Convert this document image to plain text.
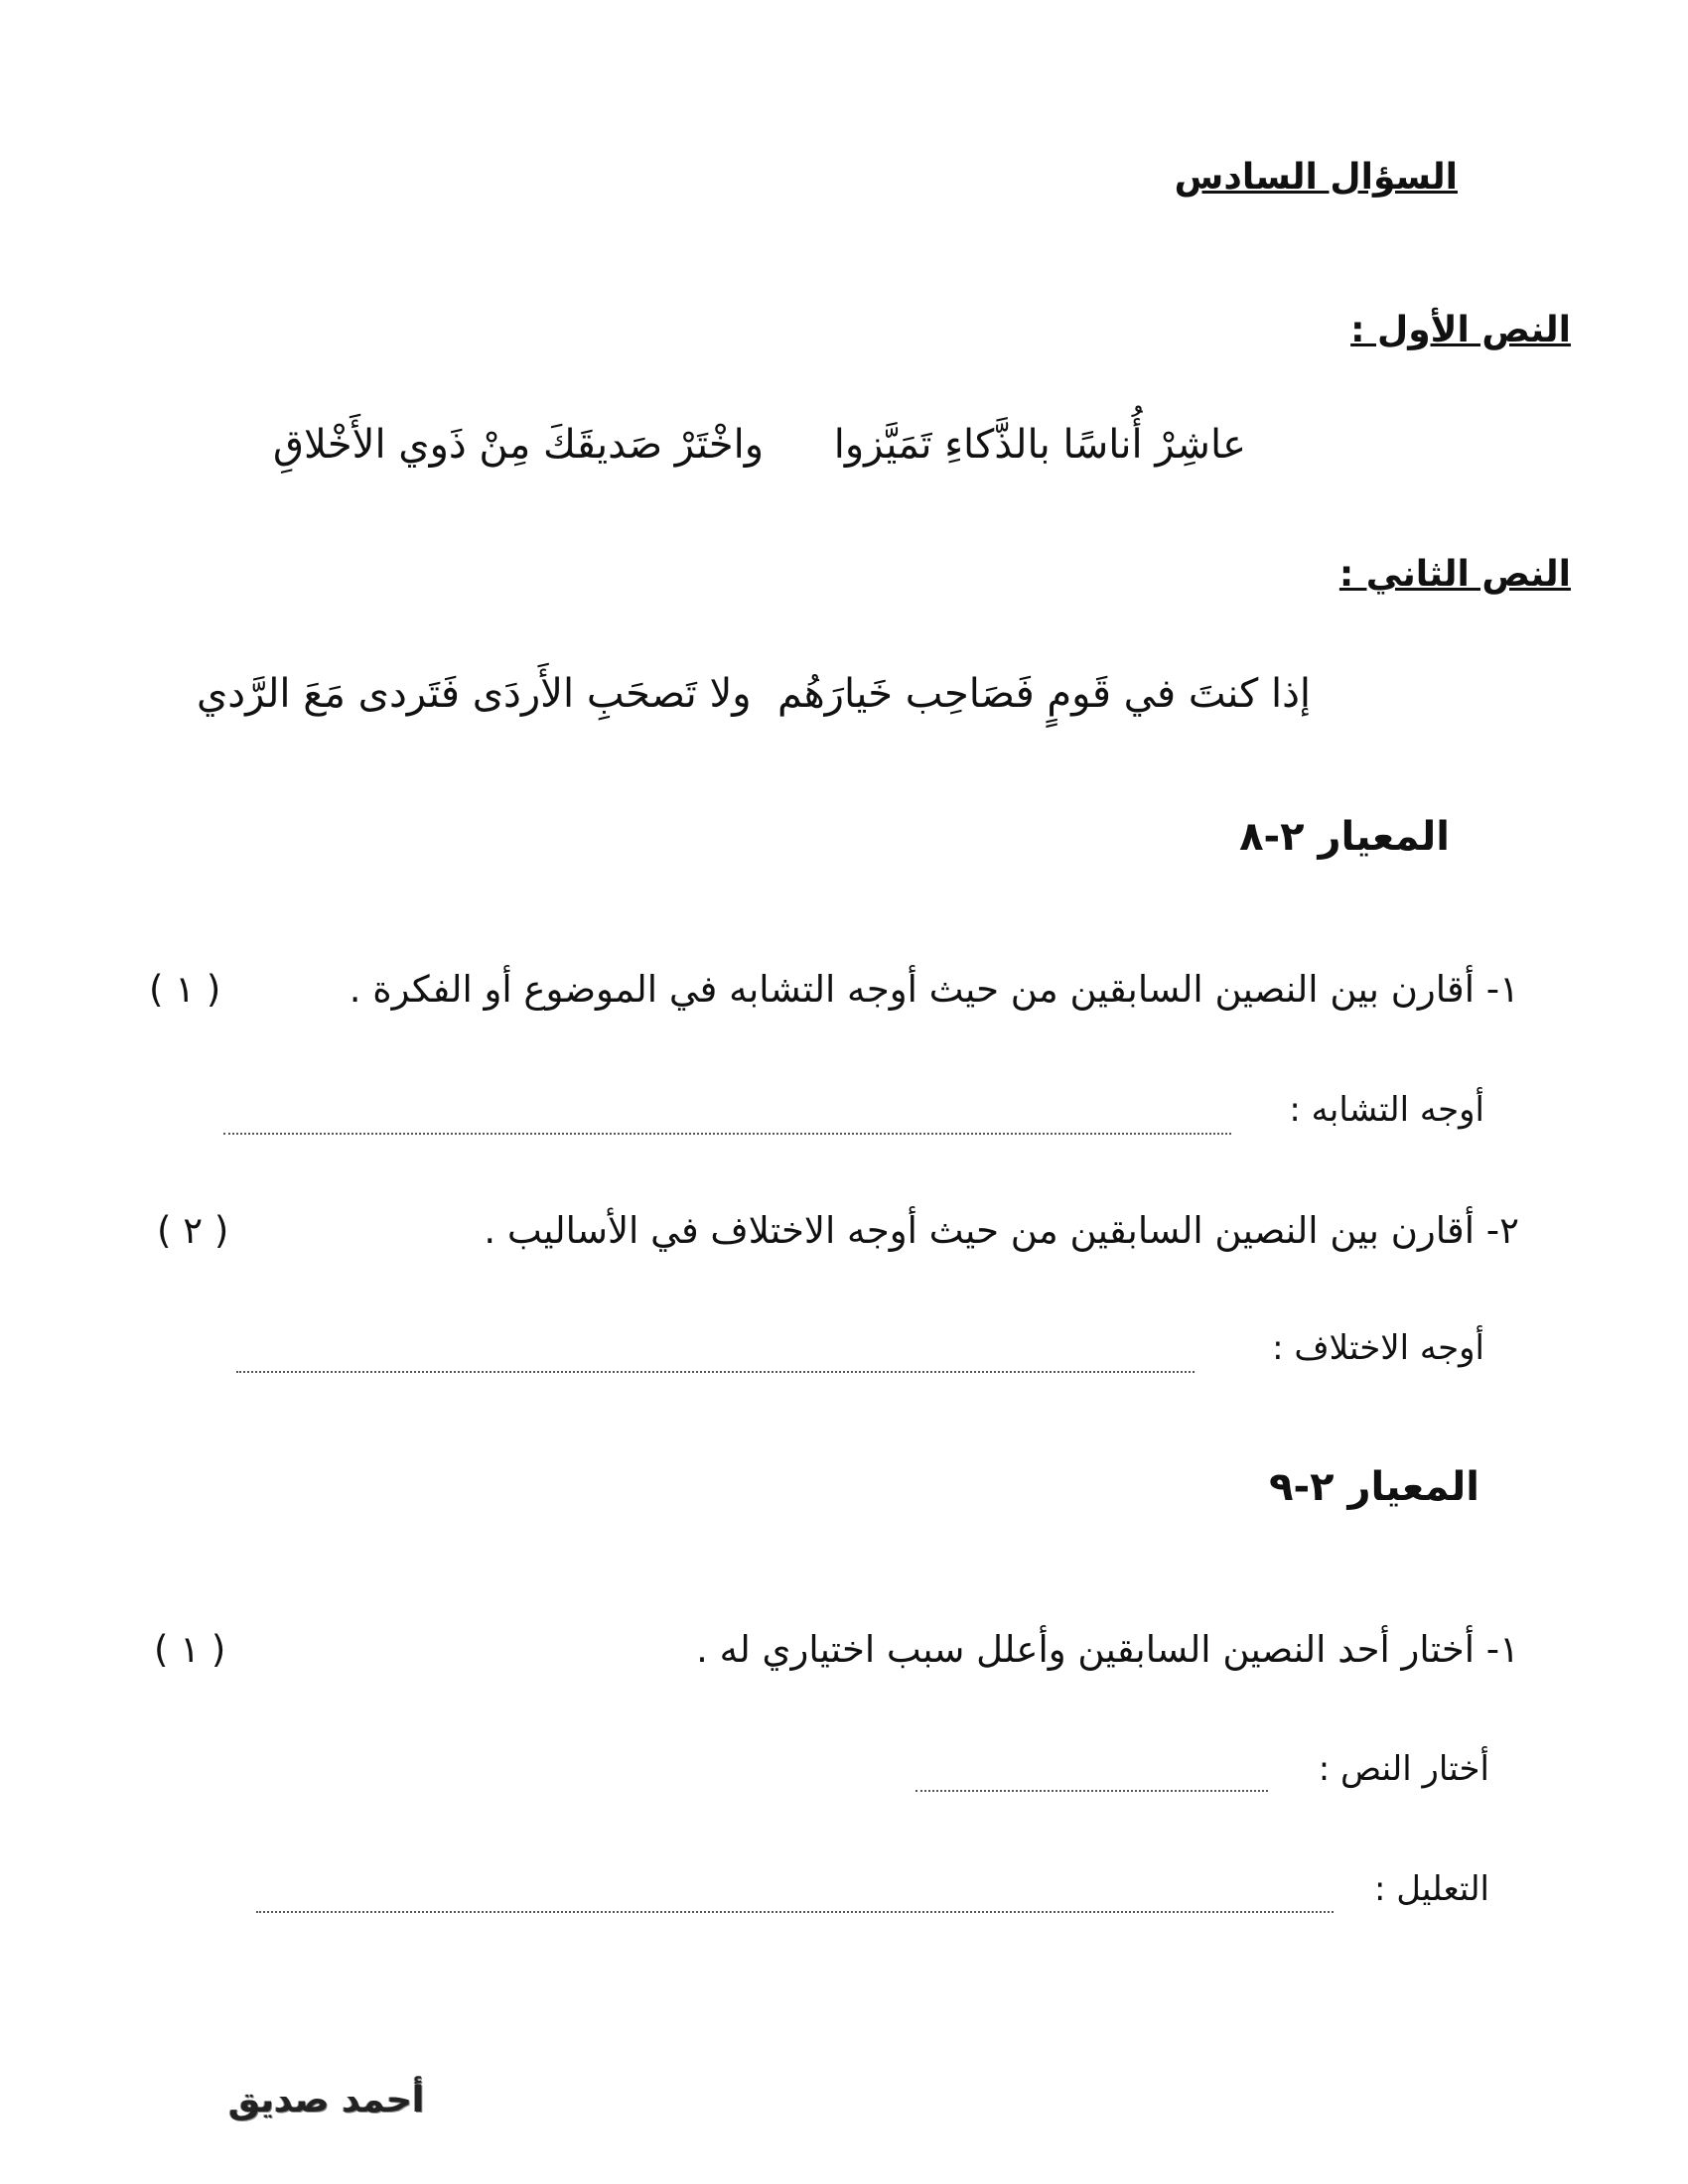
السؤال السادس
النص الأول :
عاشِرْ أُناسًا بالذَّكاءِ تَمَيَّزوا
واخْتَرْ صَديقَكَ مِنْ ذَوي الأَخْلاقِ
النص الثاني :
إذا كنتَ في قَومٍ فَصَاحِب خَيارَهُم
ولا تَصحَبِ الأَردَى فَتَردى مَعَ الرَّدي
المعيار ٢-٨
١- أقارن بين النصين السابقين من حيث أوجه التشابه في الموضوع أو الفكرة .
( ١ )
أوجه التشابه :
٢- أقارن بين النصين السابقين من حيث أوجه الاختلاف في الأساليب .
( ٢ )
أوجه الاختلاف :
المعيار ٢-٩
١- أختار أحد النصين السابقين وأعلل سبب اختياري له .
( ١ )
أختار النص :
التعليل :
أحمد صديق
